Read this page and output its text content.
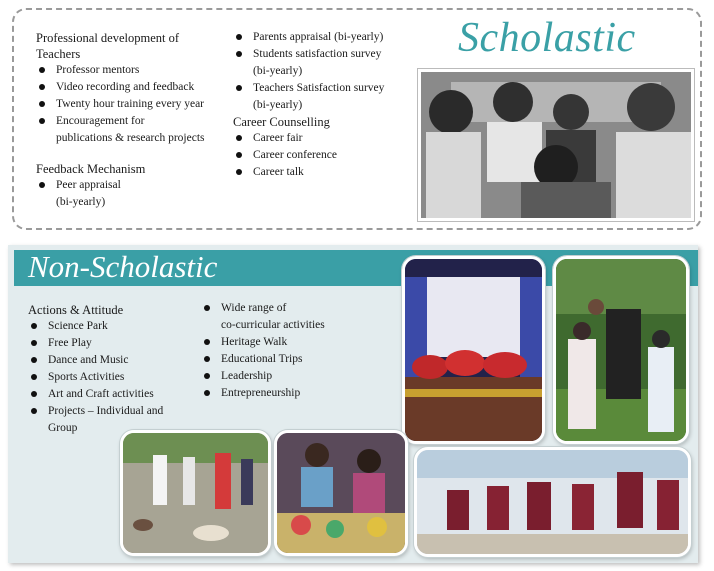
Professional development of
Teachers
Professor mentors
Video recording and feedback
Twenty hour training every year
Encouragement for
publications & research projects
Feedback Mechanism
Peer appraisal
(bi-yearly)
Parents appraisal (bi-yearly)
Students satisfaction survey
(bi-yearly)
Teachers Satisfaction survey
(bi-yearly)
Career Counselling
Career fair
Career conference
Career talk
Scholastic
Non-Scholastic
Actions & Attitude
Science Park
Free Play
Dance and Music
Sports Activities
Art and Craft activities
Projects – Individual and
Group
Wide range of
co-curricular activities
Heritage Walk
Educational Trips
Leadership
Entrepreneurship
